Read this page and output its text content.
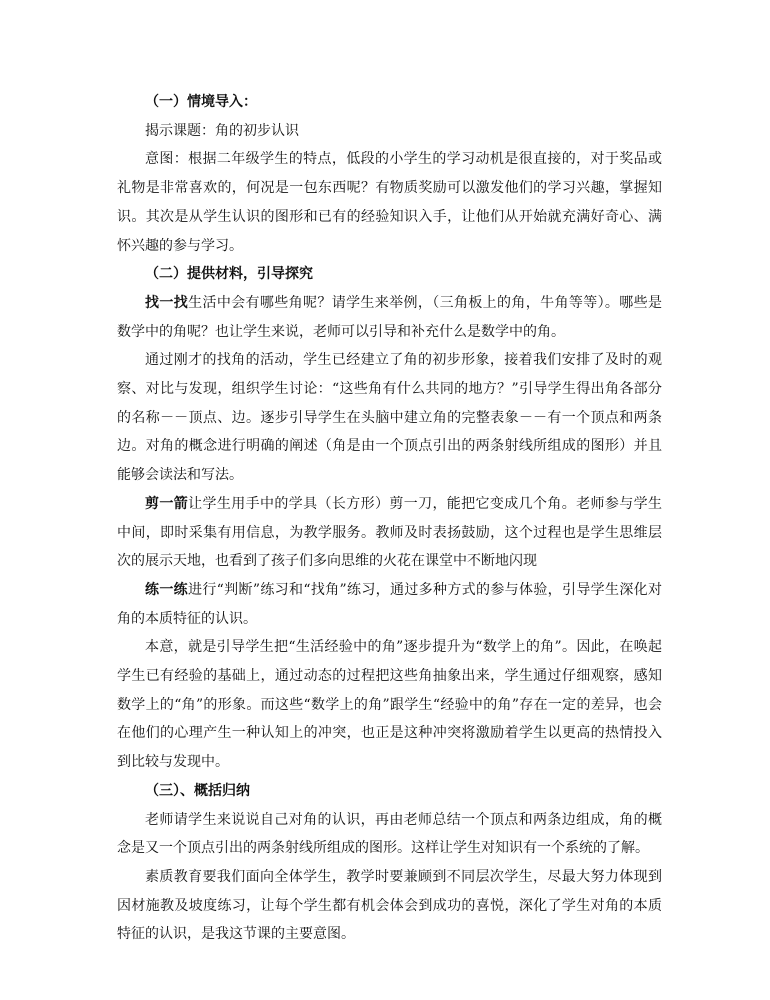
（一）情境导入：

揭示课题：角的初步认识

意图：根据二年级学生的特点，低段的小学生的学习动机是很直接的，对于奖品或礼物是非常喜欢的，何况是一包东西呢？有物质奖励可以激发他们的学习兴趣，掌握知识。其次是从学生认识的图形和已有的经验知识入手，让他们从开始就充满好奇心、满怀兴趣的参与学习。

（二）提供材料，引导探究

找一找生活中会有哪些角呢？请学生来举例，（三角板上的角，牛角等等）。哪些是数学中的角呢？也让学生来说，老师可以引导和补充什么是数学中的角。

通过刚才的找角的活动，学生已经建立了角的初步形象，接着我们安排了及时的观察、对比与发现，组织学生讨论：“这些角有什么共同的地方？”引导学生得出角各部分的名称－－顶点、边。逐步引导学生在头脑中建立角的完整表象－－有一个顶点和两条边。对角的概念进行明确的阐述（角是由一个顶点引出的两条射线所组成的图形）并且能够会读法和写法。

剪一箭让学生用手中的学具（长方形）剪一刀，能把它变成几个角。老师参与学生中间，即时采集有用信息，为教学服务。教师及时表扬鼓励，这个过程也是学生思维层次的展示天地，也看到了孩子们多向思维的火花在课堂中不断地闪现

练一练进行“判断”练习和“找角”练习，通过多种方式的参与体验，引导学生深化对角的本质特征的认识。

本意，就是引导学生把“生活经验中的角”逐步提升为“数学上的角”。因此，在唤起学生已有经验的基础上，通过动态的过程把这些角抽象出来，学生通过仔细观察，感知数学上的“角”的形象。而这些“数学上的角”跟学生“经验中的角”存在一定的差异，也会在他们的心理产生一种认知上的冲突，也正是这种冲突将激励着学生以更高的热情投入到比较与发现中。

（三）、概括归纳

老师请学生来说说自己对角的认识，再由老师总结一个顶点和两条边组成，角的概念是又一个顶点引出的两条射线所组成的图形。这样让学生对知识有一个系统的了解。

素质教育要我们面向全体学生，教学时要兼顾到不同层次学生，尽最大努力体现到因材施教及坡度练习，让每个学生都有机会体会到成功的喜悦，深化了学生对角的本质特征的认识，是我这节课的主要意图。
